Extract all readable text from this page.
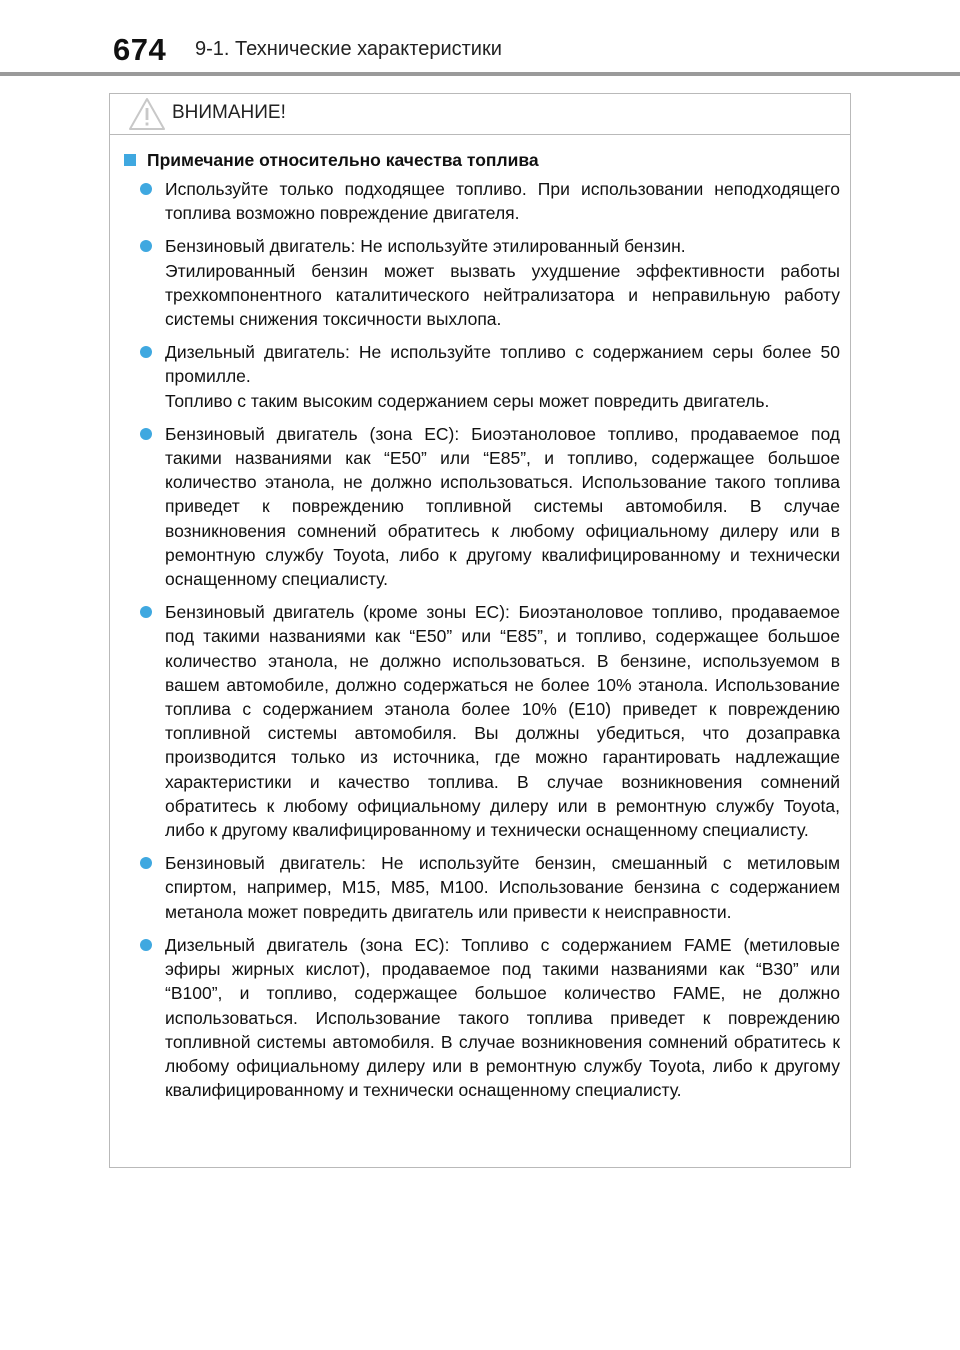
674 9-1. Технические характеристики
ВНИМАНИЕ!
Примечание относительно качества топлива

Используйте только подходящее топливо. При использовании неподходящего топлива возможно повреждение двигателя.

Бензиновый двигатель: Не используйте этилированный бензин.

Этилированный бензин может вызвать ухудшение эффективности работы трехкомпонентного каталитического нейтрализатора и неправильную работу системы снижения токсичности выхлопа.

Дизельный двигатель: Не используйте топливо с содержанием серы более 50 промилле.

Топливо с таким высоким содержанием серы может повредить двигатель.

Бензиновый двигатель (зона ЕС): Биоэтаноловое топливо, продаваемое под такими названиями как “E50” или “E85”, и топливо, содержащее большое количество этанола, не должно использоваться. Использование такого топлива приведет к повреждению топливной системы автомобиля. В случае возникновения сомнений обратитесь к любому официальному дилеру или в ремонтную службу Toyota, либо к другому квалифицированному и технически оснащенному специалисту.

Бензиновый двигатель (кроме зоны ЕС): Биоэтаноловое топливо, продаваемое под такими названиями как “E50” или “E85”, и топливо, содержащее большое количество этанола, не должно использоваться. В бензине, используемом в вашем автомобиле, должно содержаться не более 10% этанола. Использование топлива с содержанием этанола более 10% (E10) приведет к повреждению топливной системы автомобиля. Вы должны убедиться, что дозаправка производится только из источника, где можно гарантировать надлежащие характеристики и качество топлива. В случае возникновения сомнений обратитесь к любому официальному дилеру или в ремонтную службу Toyota, либо к другому квалифицированному и технически оснащенному специалисту.

Бензиновый двигатель: Не используйте бензин, смешанный с метиловым спиртом, например, M15, M85, M100. Использование бензина с содержанием метанола может повредить двигатель или привести к неисправности.

Дизельный двигатель (зона ЕС): Топливо с содержанием FAME (метиловые эфиры жирных кислот), продаваемое под такими названиями как “B30” или “B100”, и топливо, содержащее большое количество FAME, не должно использоваться. Использование такого топлива приведет к повреждению топливной системы автомобиля. В случае возникновения сомнений обратитесь к любому официальному дилеру или в ремонтную службу Toyota, либо к другому квалифицированному и технически оснащенному специалисту.
